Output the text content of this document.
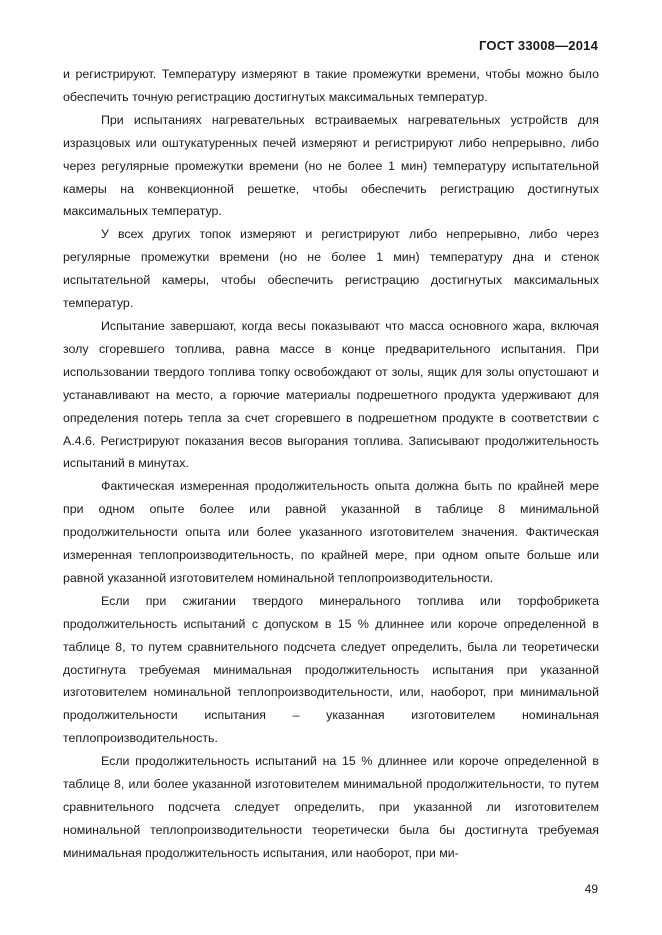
ГОСТ 33008—2014

и регистрируют. Температуру измеряют в такие промежутки времени, чтобы можно было обеспечить точную регистрацию достигнутых максимальных температур.

При испытаниях нагревательных встраиваемых нагревательных устройств для изразцовых или оштукатуренных печей измеряют и регистрируют либо непрерывно, либо через регулярные промежутки времени (но не более 1 мин) температуру испытательной камеры на конвекционной решетке, чтобы обеспечить регистрацию достигнутых максимальных температур.

У всех других топок измеряют и регистрируют либо непрерывно, либо через регулярные промежутки времени (но не более 1 мин) температуру дна и стенок испытательной камеры, чтобы обеспечить регистрацию достигнутых максимальных температур.

Испытание завершают, когда весы показывают что масса основного жара, включая золу сгоревшего топлива, равна массе в конце предварительного испытания. При использовании твердого топлива топку освобождают от золы, ящик для золы опустошают и устанавливают на место, а горючие материалы подрешетного продукта удерживают для определения потерь тепла за счет сгоревшего в подрешетном продукте в соответствии с А.4.6. Регистрируют показания весов выгорания топлива. Записывают продолжительность испытаний в минутах.

Фактическая измеренная продолжительность опыта должна быть по крайней мере при одном опыте более или равной указанной в таблице 8 минимальной продолжительности опыта или более указанного изготовителем значения. Фактическая измеренная теплопроизводительность, по крайней мере, при одном опыте больше или равной указанной изготовителем номинальной теплопроизводительности.

Если при сжигании твердого минерального топлива или торфобрикета продолжительность испытаний с допуском в 15 % длиннее или короче определенной в таблице 8, то путем сравнительного подсчета следует определить, была ли теоретически достигнута требуемая минимальная продолжительность испытания при указанной изготовителем номинальной теплопроизводительности, или, наоборот, при минимальной продолжительности испытания – указанная изготовителем номинальная теплопроизводительность.

Если продолжительность испытаний на 15 % длиннее или короче определенной в таблице 8, или более указанной изготовителем минимальной продолжительности, то путем сравнительного подсчета следует определить, при указанной ли изготовителем номинальной теплопроизводительности теоретически была бы достигнута требуемая минимальная продолжительность испытания, или наоборот, при ми-

49
